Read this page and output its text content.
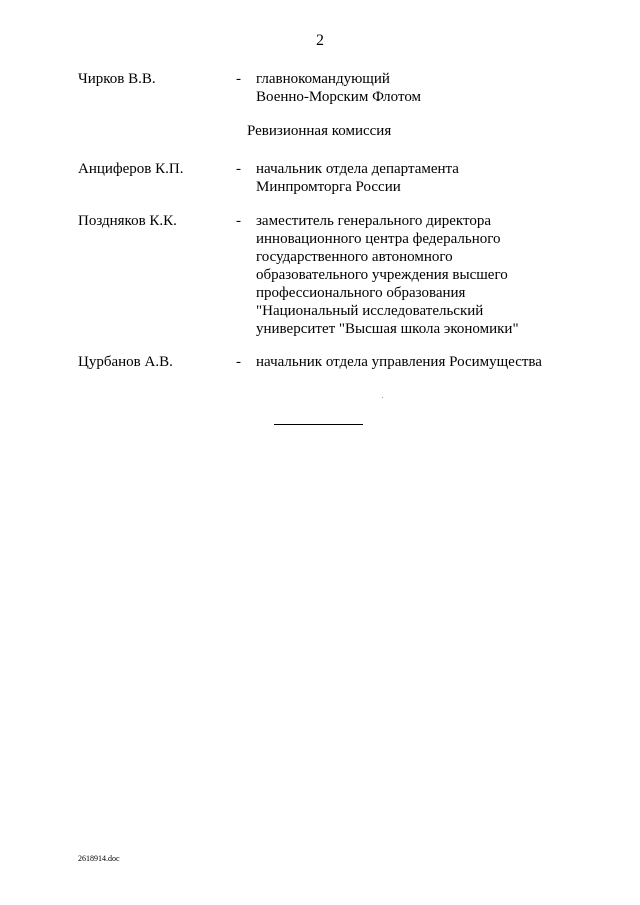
2
Чирков В.В.	- главнокомандующий
Военно-Морским Флотом
Ревизионная комиссия
Анциферов К.П.	- начальник отдела департамента
Минпромторга России
Поздняков К.К.	- заместитель генерального директора
инновационного центра федерального
государственного автономного
образовательного учреждения высшего
профессионального образования
"Национальный исследовательский
университет "Высшая школа экономики"
Цурбанов А.В.	- начальник отдела управления Росимущества
2618914.doc
